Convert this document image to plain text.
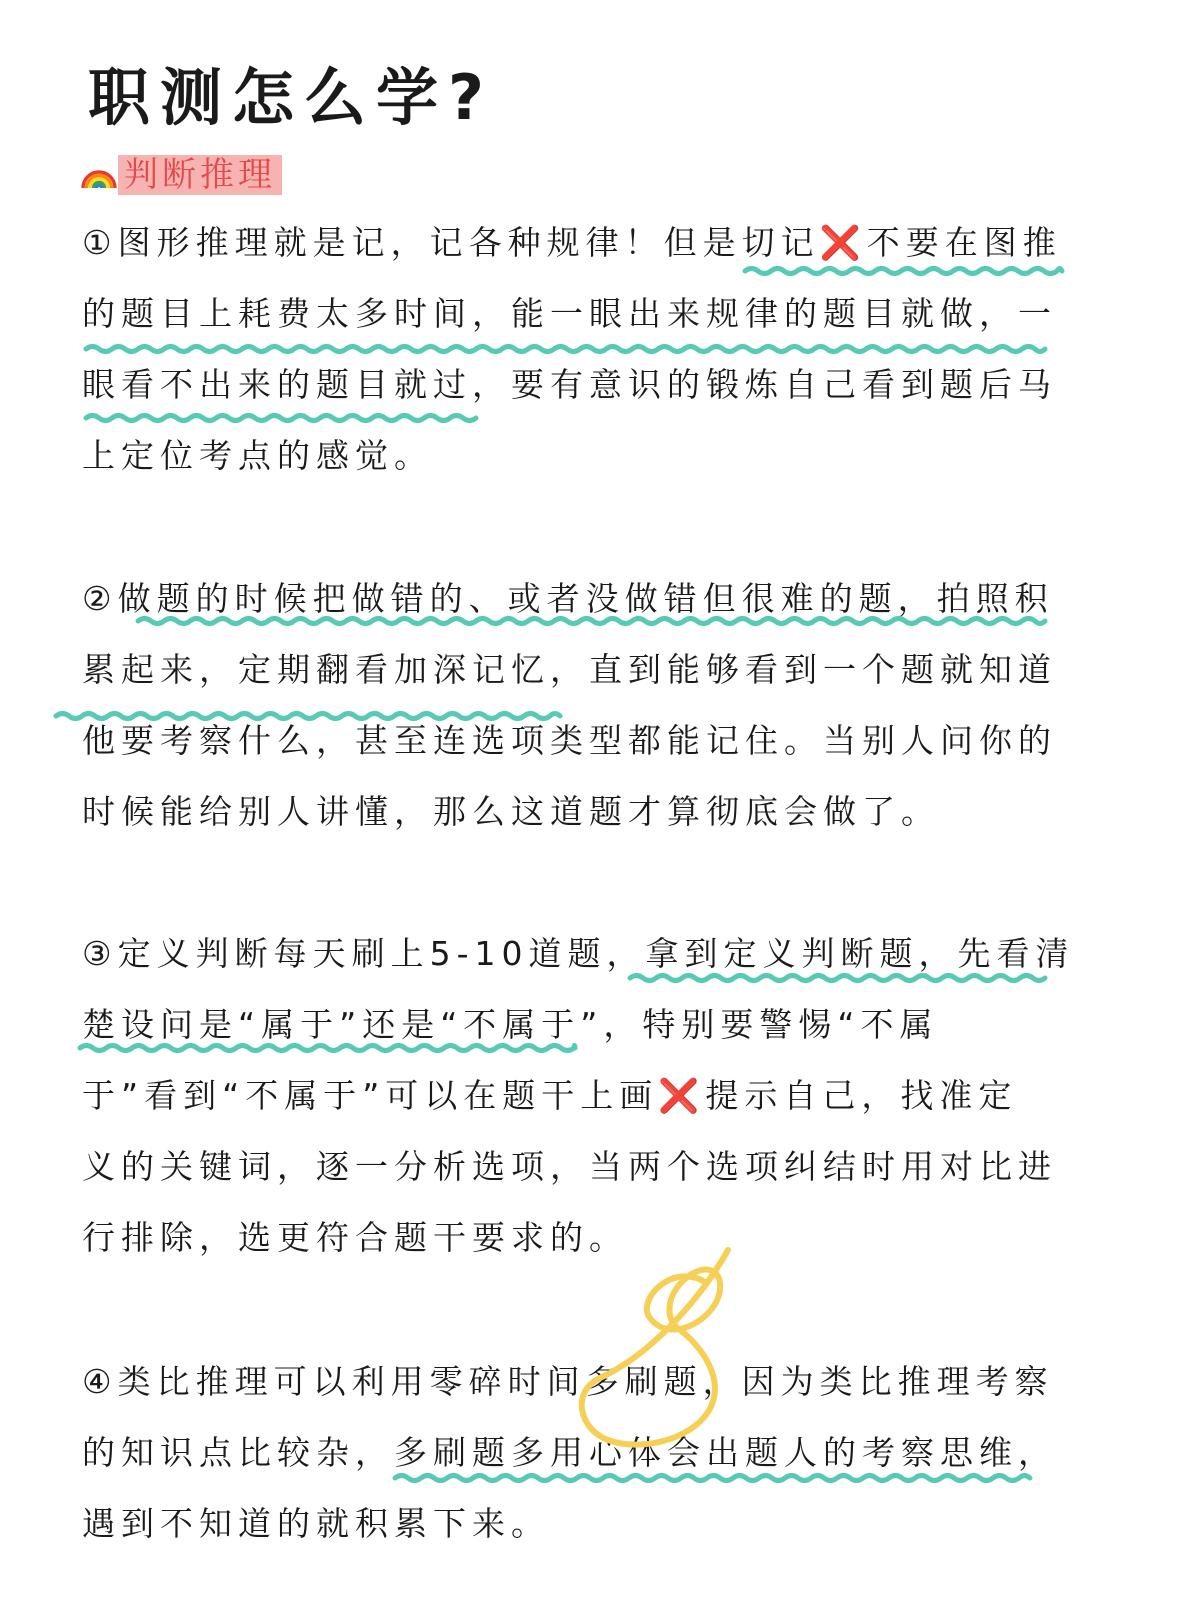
职测怎么学?
判断推理
①图形推理就是记，记各种规律！但是切记❌不要在图推
的题目上耗费太多时间，能一眼出来规律的题目就做，一
眼看不出来的题目就过，要有意识的锻炼自己看到题后马
上定位考点的感觉。
②做题的时候把做错的、或者没做错但很难的题，拍照积
累起来，定期翻看加深记忆，直到能够看到一个题就知道
他要考察什么，甚至连选项类型都能记住。当别人问你的
时候能给别人讲懂，那么这道题才算彻底会做了。
③定义判断每天刷上5-10道题，拿到定义判断题，先看清
楚设问是“属于”还是“不属于”，特别要警惕“不属
于”看到“不属于”可以在题干上画❌提示自己，找准定
义的关键词，逐一分析选项，当两个选项纠结时用对比进
行排除，选更符合题干要求的。
④类比推理可以利用零碎时间多刷题，因为类比推理考察
的知识点比较杂，多刷题多用心体会出题人的考察思维，
遇到不知道的就积累下来。
